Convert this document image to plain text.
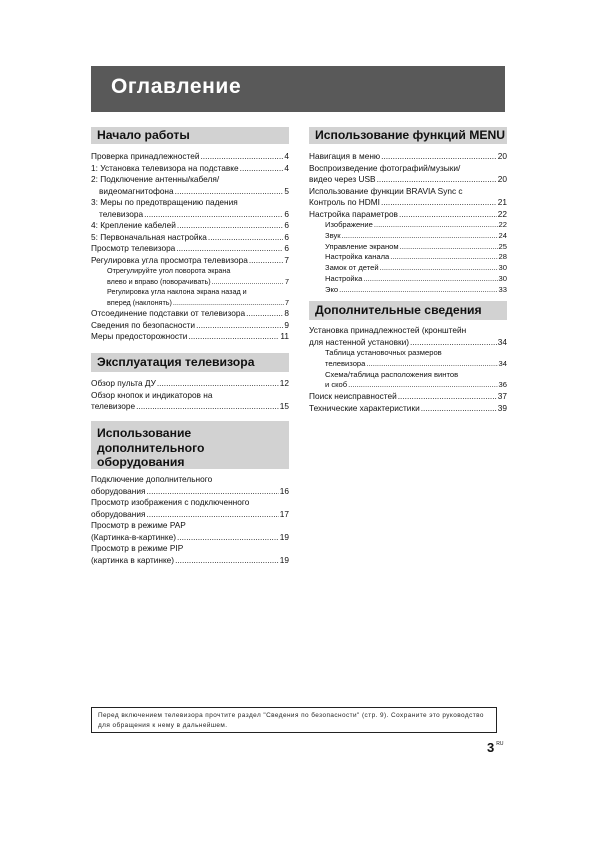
Оглавление
Начало работы
Проверка принадлежностей .....	4
1: Установка телевизора на подставке .....	4
2: Подключение антенны/кабеля/
видеомагнитофона .....	5
3: Меры по предотвращению падения
телевизора .....	6
4: Крепление кабелей .....	6
5: Первоначальная настройка .....	6
Просмотр телевизора .....	6
Регулировка угла просмотра телевизора .....	7
Отрегулируйте угол поворота экрана
влево и вправо (поворачивать) .....	7
Регулировка угла наклона экрана назад и
вперед (наклонять) .....	7
Отсоединение подставки от телевизора .....	8
Сведения по безопасности .....	9
Меры предосторожности .....	11
Эксплуатация телевизора
Обзор пульта ДУ .....	12
Обзор кнопок и индикаторов на
телевизоре .....	15
Использование
дополнительного
оборудования
Подключение дополнительного
оборудования .....	16
Просмотр изображения с подключенного
оборудования .....	17
Просмотр в режиме PAP
(Картинка-в-картинке) .....	19
Просмотр в режиме PIP
(картинка в картинке) .....	19
Использование функций MENU
Навигация в меню .....	20
Воспроизведение фотографий/музыки/
видео через USB .....	20
Использование функции BRAVIA Sync с
Контроль по HDMI .....	21
Настройка параметров .....	22
Изображение .....	22
Звук .....	24
Управление экраном .....	25
Настройка канала .....	28
Замок от детей .....	30
Настройка .....	30
Эко .....	33
Дополнительные сведения
Установка принадлежностей (кронштейн
для настенной установки) .....	34
Таблица установочных размеров
телевизора .....	34
Схема/таблица расположения винтов
и скоб .....	36
Поиск неисправностей .....	37
Технические характеристики .....	39
Перед включением телевизора прочтите раздел "Сведения по безопасности" (стр. 9). Сохраните это руководство для обращения к нему в дальнейшем.
3 $^{RU}$
